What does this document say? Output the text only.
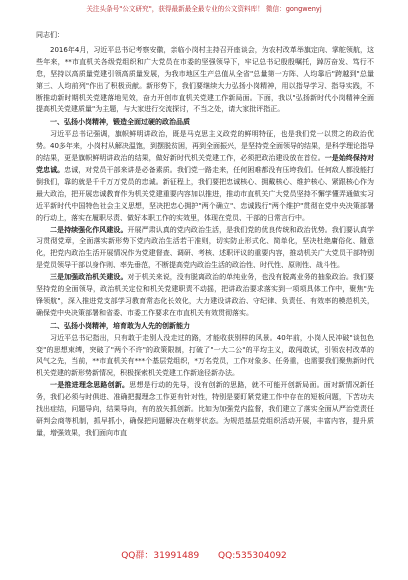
关注头条号"公文研究"，获得最新最全最专业的公文资料库！ 微信：gongwenyj

同志们：

2016年4月，习近平总书记考察安徽，亲临小岗村主持召开座谈会，为农村改革举旗定向、掌舵领航，这些年来，**市直机关各级党组织和广大党员在市委的坚强领导下，牢记总书记殷殷嘱托，踔厉奋发、笃行不怠，坚持以高质量党建引领高质量发展，为我市地区生产总值从全省"总量第一方阵、人均靠后"跨越到"总量第三、人均前列"作出了积极贡献。新形势下，我们要继续大力弘扬小岗精神，用以指导学习、指导实践，不断推动新时期机关党建落地见效，奋力开创市直机关党建工作新局面。下面，我以"弘扬新时代小岗精神全面提高机关党建质量"为主题，与大家进行交流探讨，不当之处，请大家批评指正。

一、弘扬小岗精神，锻造全面过硬的政治品质

习近平总书记强调，旗帜鲜明讲政治，既是马克思主义政党的鲜明特征，也是我们党一以贯之的政治优势。40多年来，小岗村从解决温饱，到摆脱贫困，再到全面振兴，是坚持党全面领导的结果，是科学理论指导的结果，更是旗帜鲜明讲政治的结果，做好新时代机关党建工作，必须把政治建设放在首位。一是始终保持对党忠诚。忠诚，对党员干部来讲是必备素质。我们党一路走来，任何困难都没有压垮我们。任何敌人都没能打倒我们，靠的就是千千万万党员的忠诚。新征程上，我们要把忠诚核心、拥戴核心、维护核心、紧跟核心作为最大政治，把开展忠诚教育作为机关党建重要内容加以推进，推动市直机关广大党员坚持不懈学懂弄通做实习近平新时代中国特色社会主义思想，坚决把忠心拥护"两个确立"、忠诚践行"两个维护"贯彻在党中央决策部署的行动上，落实在履职尽责、做好本职工作的实效里，体现在党员、干部的日常言行中。

二是持续强化作风建设。开展严肃认真的党内政治生活，是我们党的优良传统和政治优势。我们要认真学习贯彻党章，全面落实新形势下党内政治生活若干准则，切实防止形式化、简单化，坚决杜绝庸俗化、随意化，把党内政治生活开展情况作为党建督查、调研、考核、述职评议的重要内容，推动机关广大党员干部特别是党员领导干部以身作则、率先垂范，不断提高党内政治生活的政治性、时代性、原则性、战斗性。

三是加强政治机关建设。对于机关来说，没有脱离政治的单纯业务，也没有脱离业务的抽象政治。我们要坚持党的全面领导，政治机关定位和机关党建职责不动摇，把讲政治要求落实到一项项具体工作中，聚焦"先锋领航"，深入推进党支部学习教育常态化长效化，大力建设讲政治、守纪律、负责任、有效率的模范机关，确保党中央决策部署和省委、市委工作要求在市直机关有效贯彻落实。

二、弘扬小岗精神，培育敢为人先的创新能力

习近平总书记指出，只有敢于走别人没走过的路，才能收获别样的风景。40年前，小岗人民冲破"谈包色变"的思想束缚，突破了"两个不许"的政策限制，打破了"一大二公"的平均主义，敢闯敢试，引领农村改革的风气之先，当前，**市直机关有***个基层党组织，*万名党员，工作对象多、任务重，也需要我们聚焦新时代机关党建的新形势新情况，积极探索机关党建工作新途径新办法。

一是推进理念思路创新。思想是行动的先导，没有创新的思路，就不可能开创新局面。面对新情况新任务，我们必须与时俱进、准确把握理念工作更有针对性，特别是要盯紧党建工作中存在的短板问题，下苦功夫找出症结，问题导向，结果导向，有的放矢抓创新。比如为加强党内监督，我们建立了落实全面从严治党责任研判会商等机制，抓早抓小，确保把问题解决在萌芽状态。为规范基层党组织活动开展，丰富内容，提升质量，增强效果，我们面向市直

QQ群：31991489 QQ:535304092
